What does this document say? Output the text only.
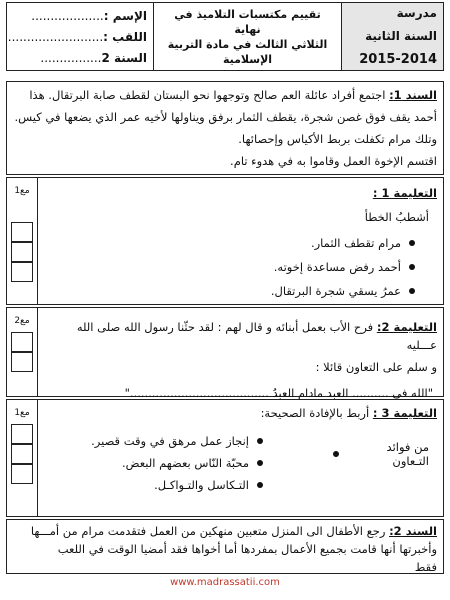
مدرسة
السنة الثانية
2015-2014
تقييم مكتسبات التلاميذ في نهاية
الثلاثي الثالث في مادة التربية
الإسلامية
الإسم :
...................
اللقب :
.........................
السنة 2
................
السند 1: اجتمع أفراد عائلة العم صالح وتوجهوا نحو البستان لقطف صابة البرتقال. هذا
أحمد يقف فوق غصن شجرة، يقطف الثمار برفق ويناولها لأخيه عمر الذي يضعها في كيس.
وتلك مرام تكفلت بربط الأكياس وإحصائها.
اقتسم الإخوة العمل وقاموا به في هدوء تام.
مع1	التعليمة 1 :
أشطبُ الخطأ
مرام تقطف الثمار.
أحمد رفض مساعدة إخوته.
عمرُ يسقي شجرة البرتقال.
مع2	التعليمة 2: فرح الأب بعمل أبنائه و قال لهم : لقد حثّنا رسول الله صلى الله عـــليه
و سلم على التعاون قائلا :
"الله في .......... العبد مادام العبدُ ......................................"
مع1	التعليمة 3 : أربط بالإفادة الصحيحة:
من فوائد التـعاون
إنجاز عمل مرهق في وقت قصير.
محبّة النّاس بعضهم البعض.
التـكاسل والتـواكـل.
السند 2: رجع الأطفال الى المنزل متعبين منهكين من العمل فتقدمت مرام من أمـــها
وأخبرتها أنها قامت بجميع الأعمال بمفردها أما أخواها فقد أمضيا الوقت في اللعب
فقط
www.madrassatii.com
